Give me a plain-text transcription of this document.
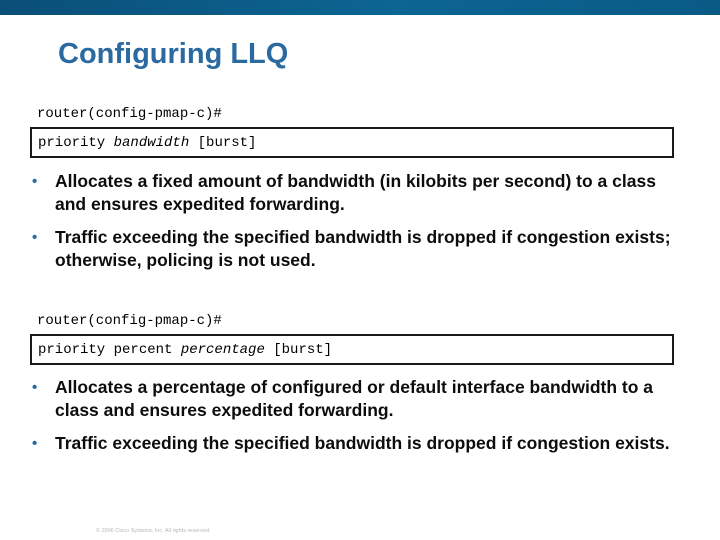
Configuring LLQ
router(config-pmap-c)#
priority bandwidth [burst]
• Allocates a fixed amount of bandwidth (in kilobits per second) to a class and ensures expedited forwarding.
• Traffic exceeding the specified bandwidth is dropped if congestion exists; otherwise, policing is not used.
router(config-pmap-c)#
priority percent percentage [burst]
• Allocates a percentage of configured or default interface bandwidth to a class and ensures expedited forwarding.
• Traffic exceeding the specified bandwidth is dropped if congestion exists.
© 2006 Cisco Systems, Inc. All rights reserved.
